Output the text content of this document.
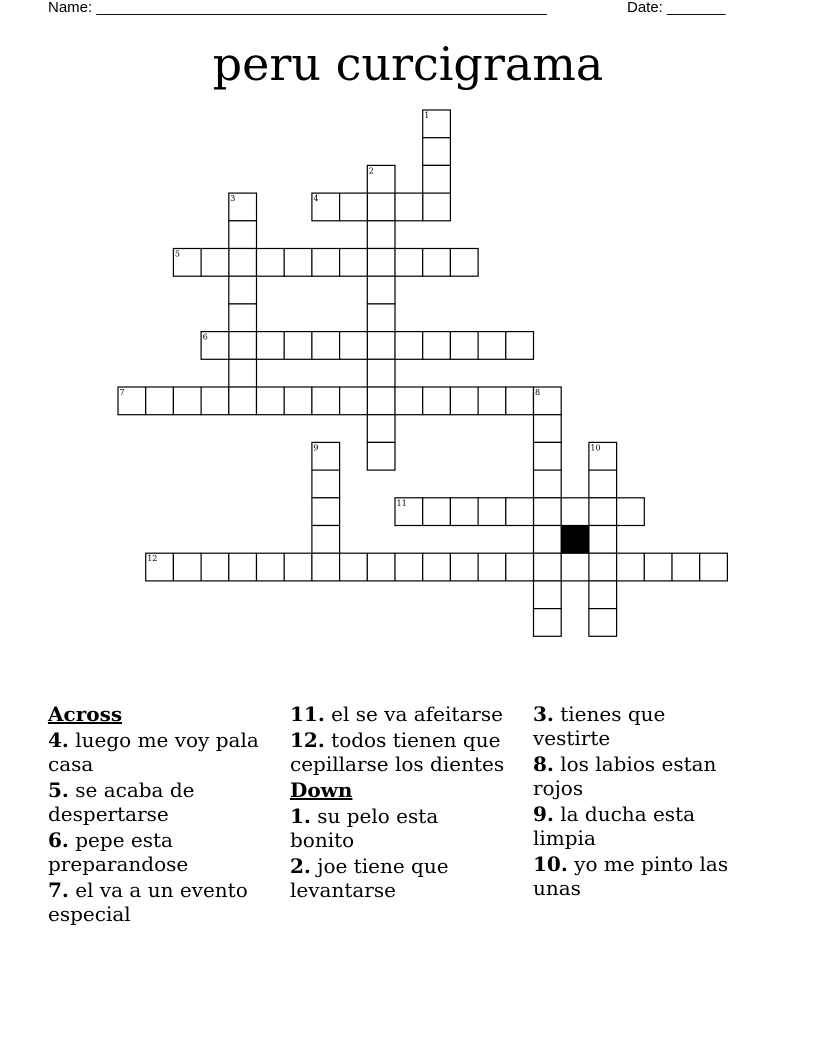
Name: ______________________________________________________	Date: _______
peru curcigrama
1
2
3	4
5
6
7	8
9	10
11
12
Across
4. luego me voy pala casa
5. se acaba de despertarse
6. pepe esta preparandose
7. el va a un evento especial
11. el se va afeitarse
12. todos tienen que cepillarse los dientes
Down
1. su pelo esta bonito
2. joe tiene que levantarse
3. tienes que vestirte
8. los labios estan rojos
9. la ducha esta limpia
10. yo me pinto las unas
